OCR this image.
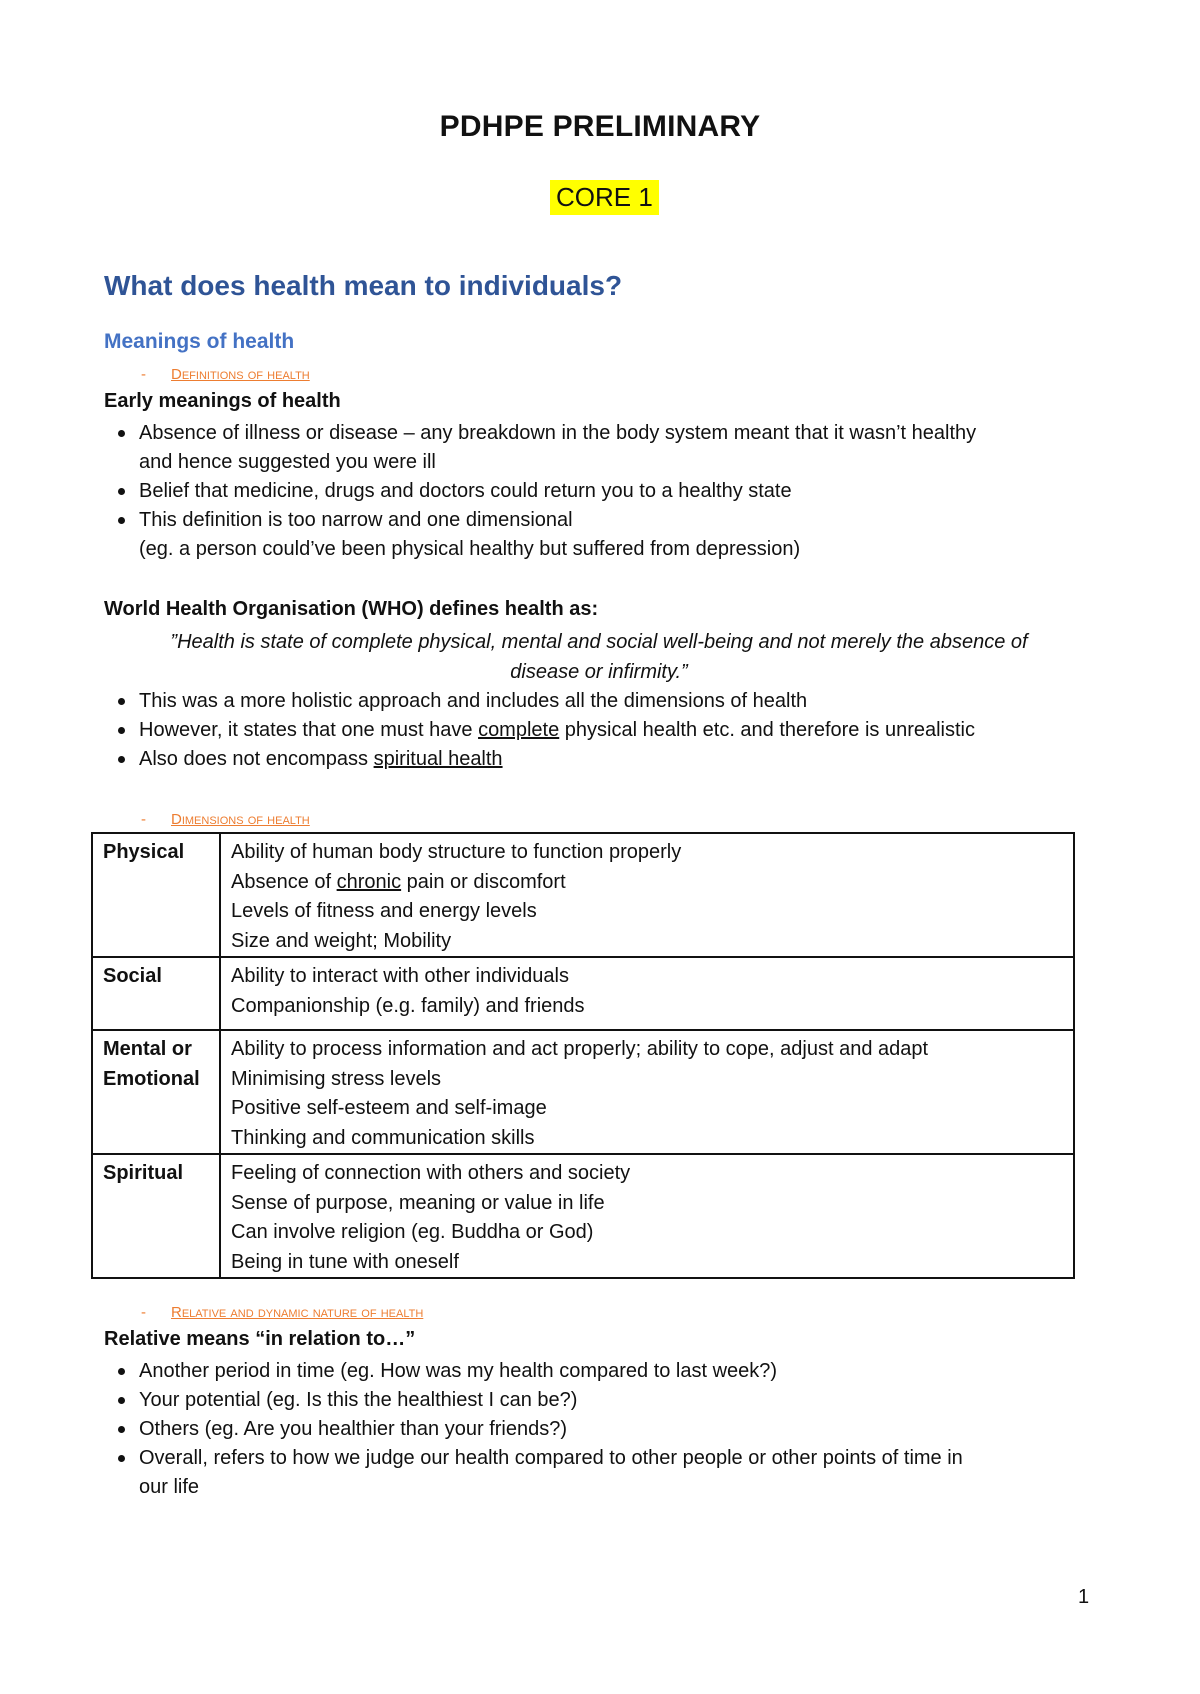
PDHPE PRELIMINARY
CORE 1
What does health mean to individuals?
Meanings of health
- Definitions of health
Early meanings of health
Absence of illness or disease – any breakdown in the body system meant that it wasn’t healthy
and hence suggested you were ill
Belief that medicine, drugs and doctors could return you to a healthy state
This definition is too narrow and one dimensional
(eg. a person could’ve been physical healthy but suffered from depression)
World Health Organisation (WHO) defines health as:
”Health is state of complete physical, mental and social well-being and not merely the absence of
disease or infirmity.”
This was a more holistic approach and includes all the dimensions of health
However, it states that one must have complete physical health etc. and therefore is unrealistic
Also does not encompass spiritual health
- Dimensions of health
Physical	Ability of human body structure to function properly
Absence of chronic pain or discomfort
Levels of fitness and energy levels
Size and weight; Mobility

Social	Ability to interact with other individuals
Companionship (e.g. family) and friends

Mental or
Emotional	Ability to process information and act properly; ability to cope, adjust and adapt
Minimising stress levels
Positive self-esteem and self-image
Thinking and communication skills

Spiritual	Feeling of connection with others and society
Sense of purpose, meaning or value in life
Can involve religion (eg. Buddha or God)
Being in tune with oneself
- Relative and dynamic nature of health
Relative means “in relation to…”
Another period in time (eg. How was my health compared to last week?)
Your potential (eg. Is this the healthiest I can be?)
Others (eg. Are you healthier than your friends?)
Overall, refers to how we judge our health compared to other people or other points of time in
our life
1
